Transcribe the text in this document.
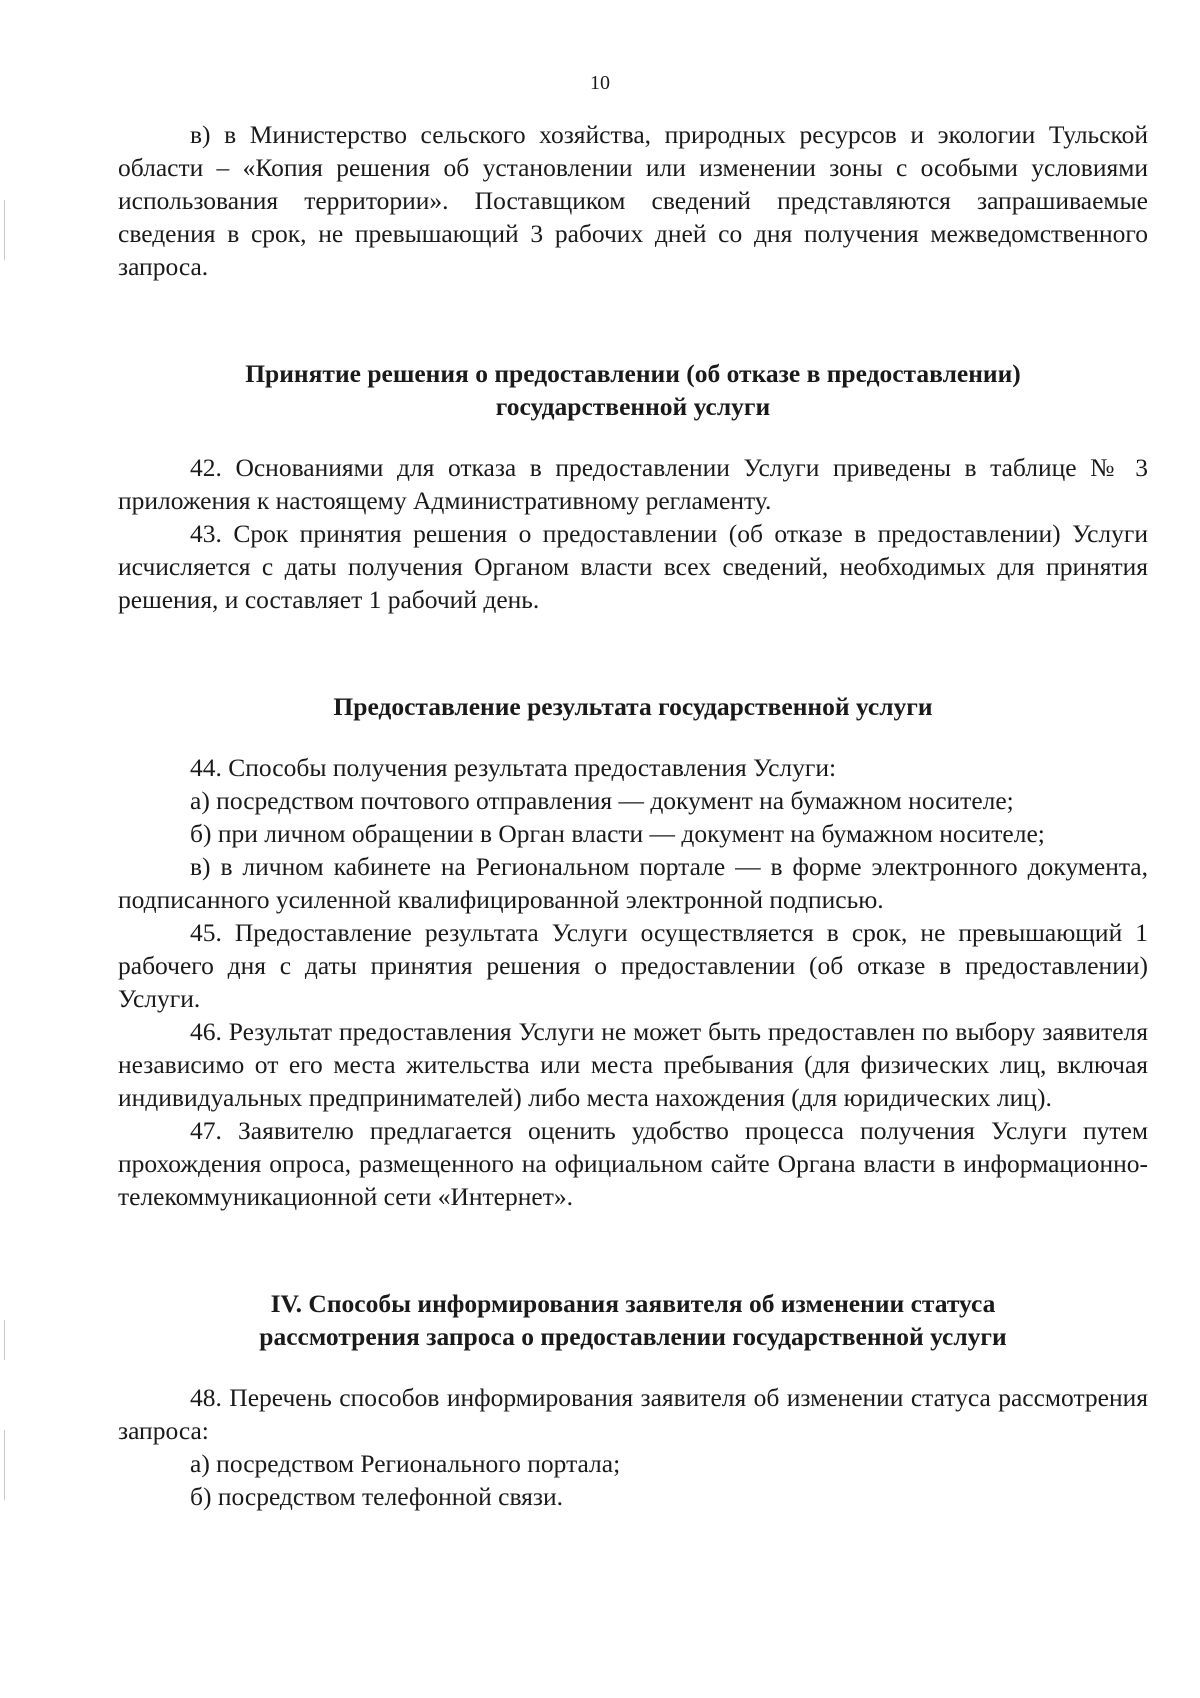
10

в) в Министерство сельского хозяйства, природных ресурсов и экологии Тульской области – «Копия решения об установлении или изменении зоны с особыми условиями использования территории». Поставщиком сведений представляются запрашиваемые сведения в срок, не превышающий 3 рабочих дней со дня получения межведомственного запроса.

Принятие решения о предоставлении (об отказе в предоставлении)
государственной услуги

42. Основаниями для отказа в предоставлении Услуги приведены в таблице № 3 приложения к настоящему Административному регламенту.

43. Срок принятия решения о предоставлении (об отказе в предоставлении) Услуги исчисляется с даты получения Органом власти всех сведений, необходимых для принятия решения, и составляет 1 рабочий день.

Предоставление результата государственной услуги

44. Способы получения результата предоставления Услуги:

а) посредством почтового отправления — документ на бумажном носителе;

б) при личном обращении в Орган власти — документ на бумажном носителе;

в) в личном кабинете на Региональном портале — в форме электронного документа, подписанного усиленной квалифицированной электронной подписью.

45. Предоставление результата Услуги осуществляется в срок, не превышающий 1 рабочего дня с даты принятия решения о предоставлении (об отказе в предоставлении) Услуги.

46. Результат предоставления Услуги не может быть предоставлен по выбору заявителя независимо от его места жительства или места пребывания (для физических лиц, включая индивидуальных предпринимателей) либо места нахождения (для юридических лиц).

47. Заявителю предлагается оценить удобство процесса получения Услуги путем прохождения опроса, размещенного на официальном сайте Органа власти в информационно-телекоммуникационной сети «Интернет».

IV. Способы информирования заявителя об изменении статуса
рассмотрения запроса о предоставлении государственной услуги

48. Перечень способов информирования заявителя об изменении статуса рассмотрения запроса:

а) посредством Регионального портала;

б) посредством телефонной связи.
